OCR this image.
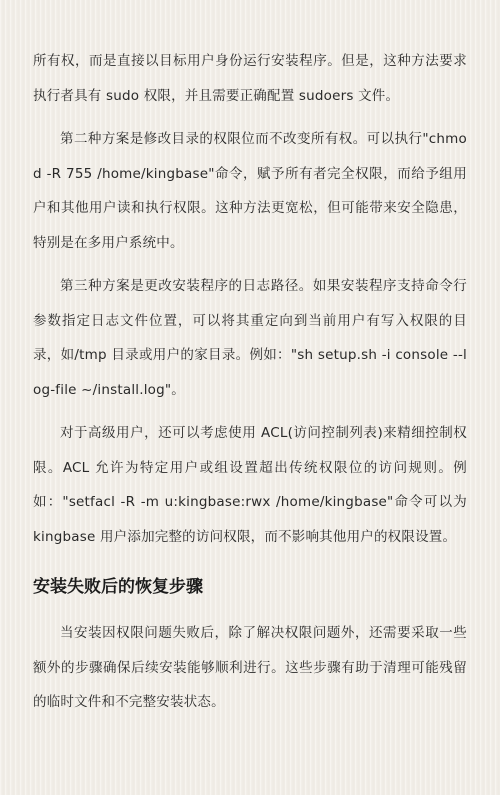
所有权，而是直接以目标用户身份运行安装程序。但是，这种方法要求执行者具有 sudo 权限，并且需要正确配置 sudoers 文件。

第二种方案是修改目录的权限位而不改变所有权。可以执行"chmod -R 755 /home/kingbase"命令，赋予所有者完全权限，而给予组用户和其他用户读和执行权限。这种方法更宽松，但可能带来安全隐患，特别是在多用户系统中。

第三种方案是更改安装程序的日志路径。如果安装程序支持命令行参数指定日志文件位置，可以将其重定向到当前用户有写入权限的目录，如/tmp 目录或用户的家目录。例如："sh setup.sh -i console --log-file ~/install.log"。

对于高级用户，还可以考虑使用 ACL(访问控制列表)来精细控制权限。ACL 允许为特定用户或组设置超出传统权限位的访问规则。例如："setfacl -R -m u:kingbase:rwx /home/kingbase"命令可以为 kingbase 用户添加完整的访问权限，而不影响其他用户的权限设置。

安装失败后的恢复步骤

当安装因权限问题失败后，除了解决权限问题外，还需要采取一些额外的步骤确保后续安装能够顺利进行。这些步骤有助于清理可能残留的临时文件和不完整安装状态。
